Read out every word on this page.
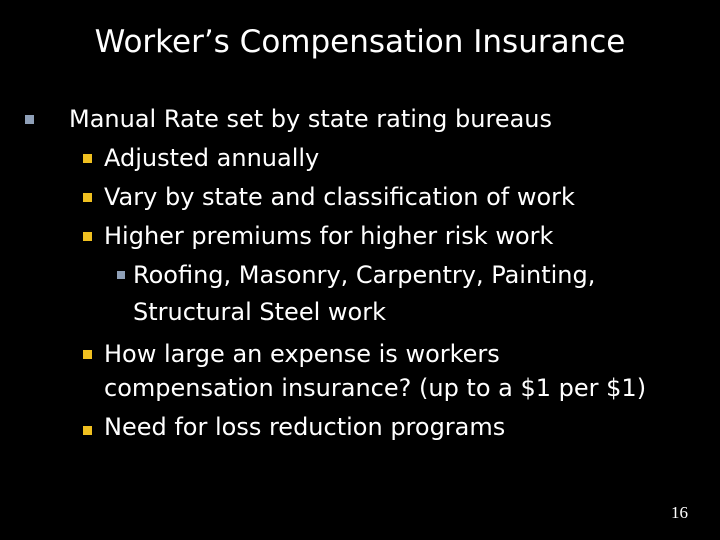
Worker’s Compensation Insurance
Manual Rate set by state rating bureaus
Adjusted annually
Vary by state and classification of work
Higher premiums for higher risk work
Roofing, Masonry, Carpentry, Painting,
Structural Steel work
How large an expense is workers
compensation insurance? (up to a $1 per $1)
Need for loss reduction programs
16
